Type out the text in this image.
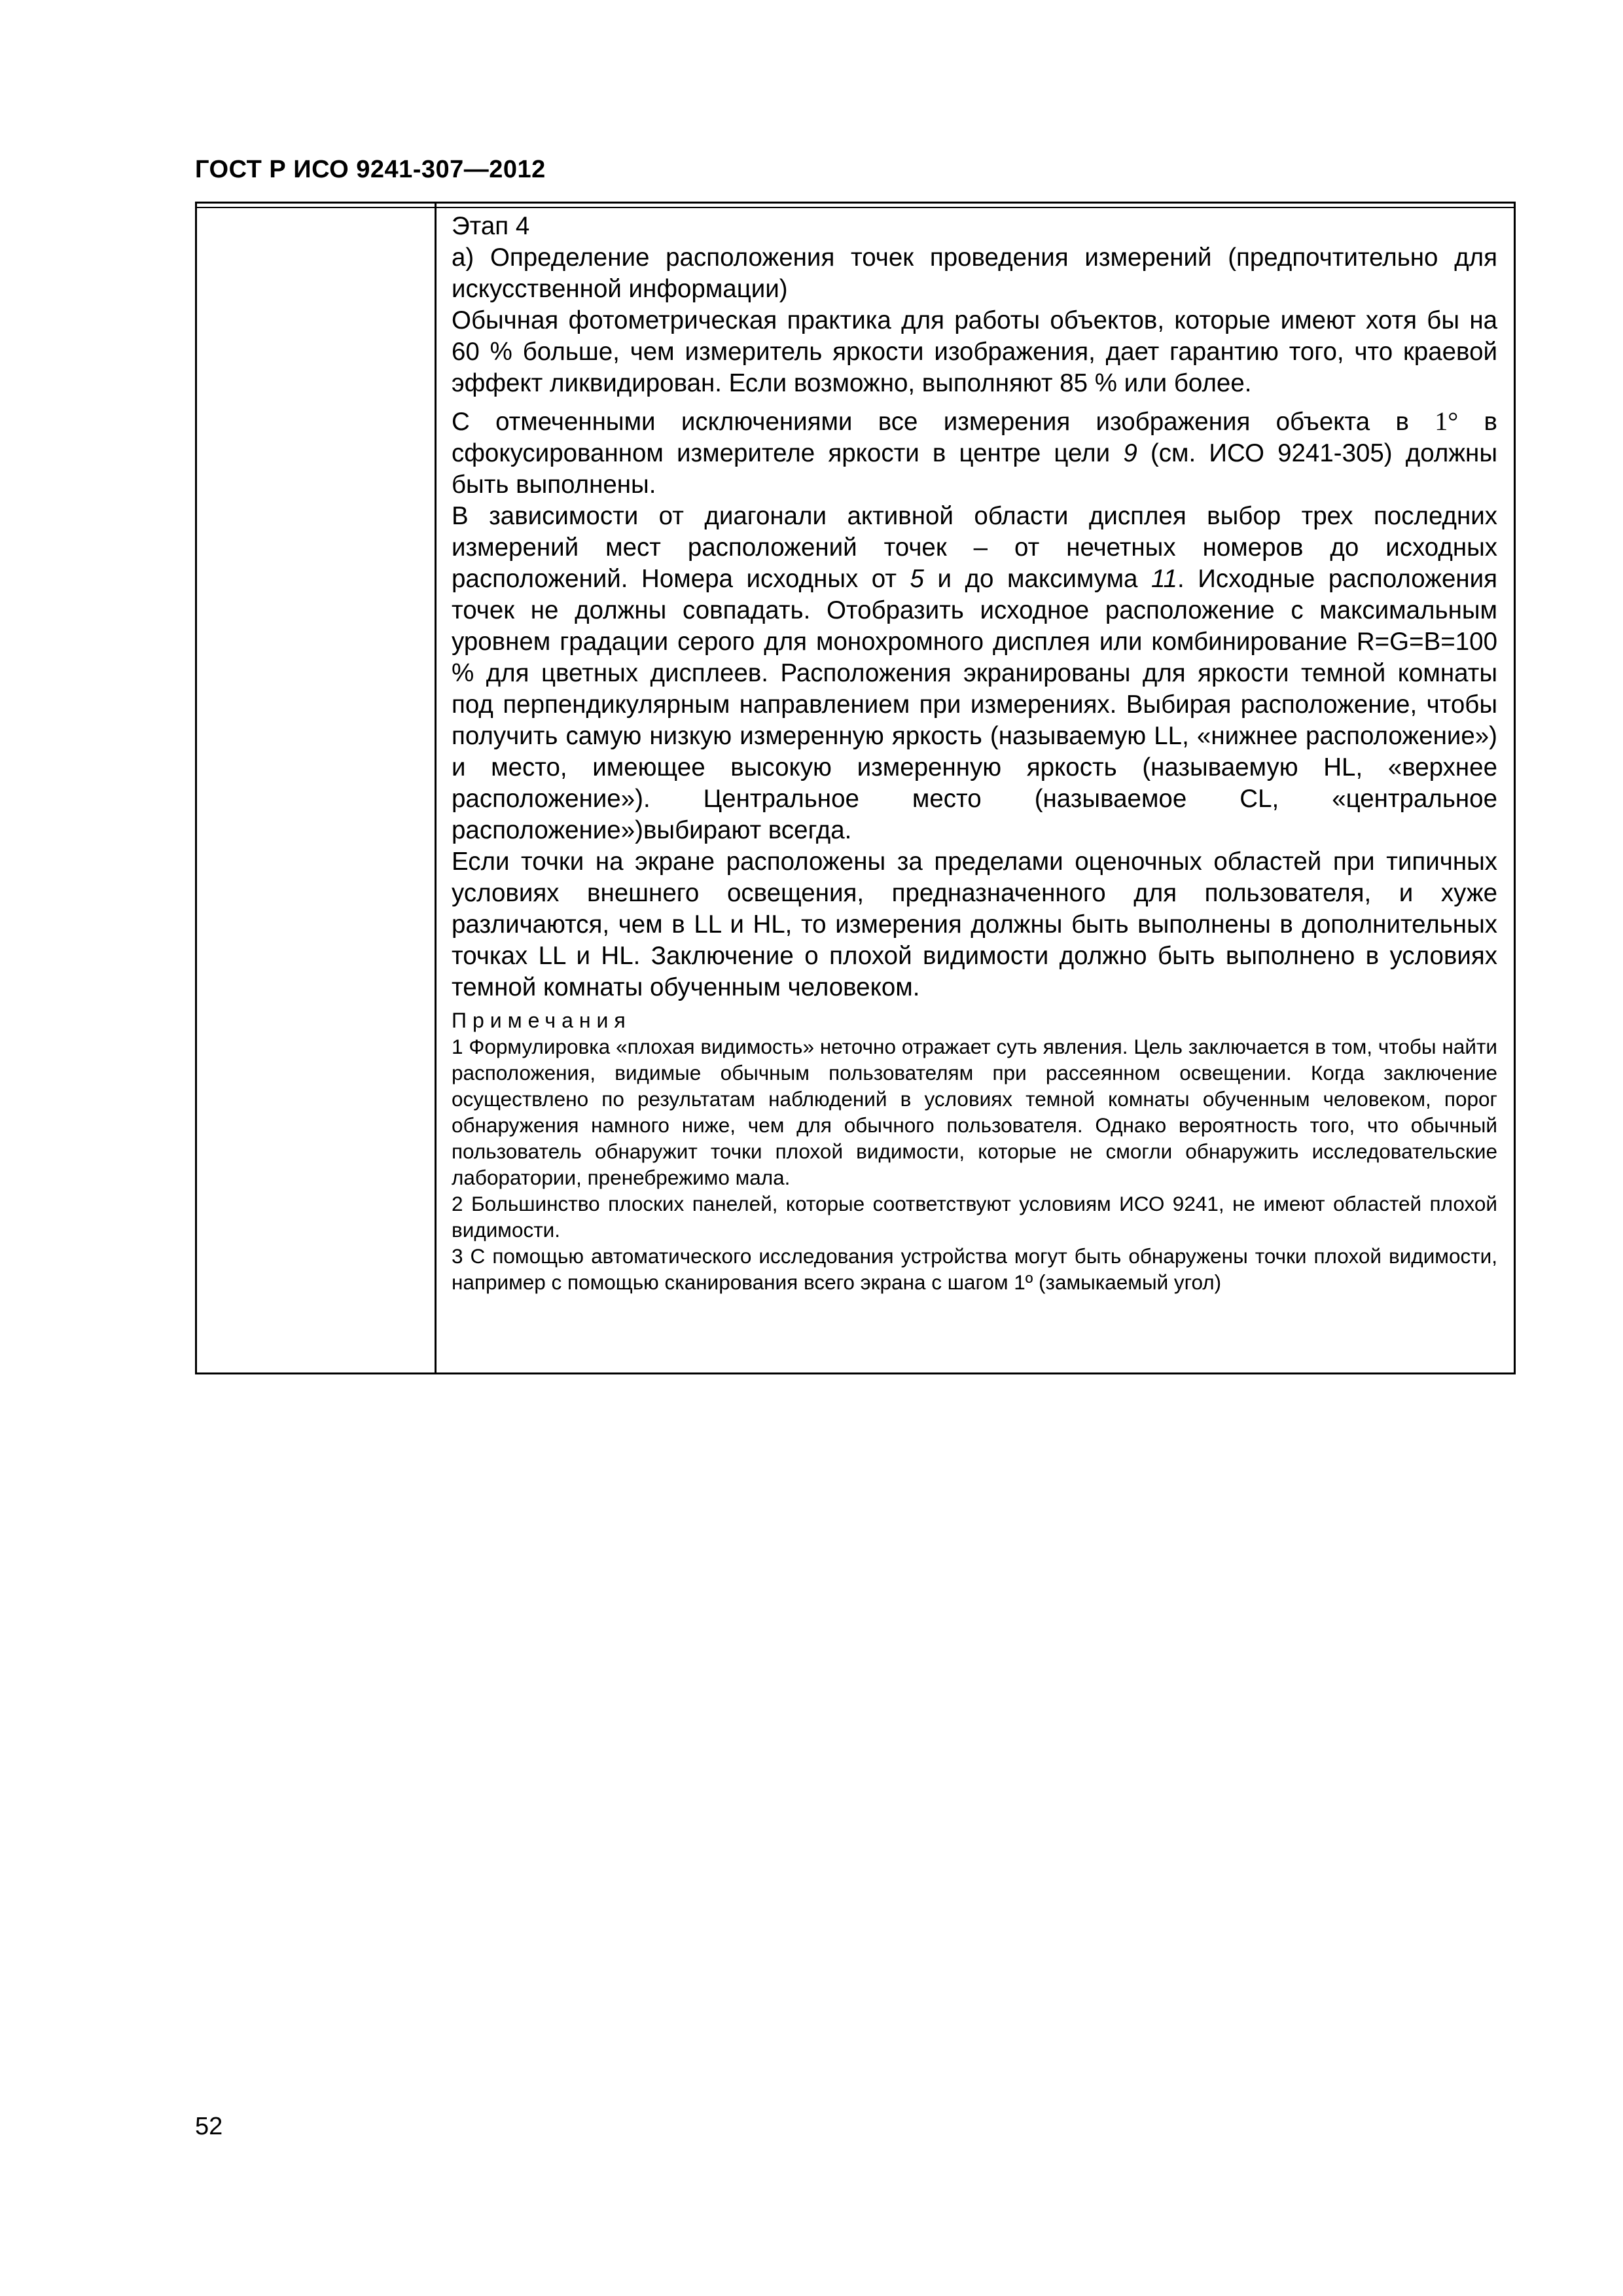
ГОСТ Р ИСО 9241-307—2012

Этап 4

а) Определение расположения точек проведения измерений (предпочтительно для искусственной информации)

Обычная фотометрическая практика для работы объектов, которые имеют хотя бы на 60 % больше, чем измеритель яркости изображения, дает гарантию того, что краевой эффект ликвидирован. Если возможно, выполняют 85 % или более.

С отмеченными исключениями все измерения изображения объекта в 1° в сфокусированном измерителе яркости в центре цели 9 (см. ИСО 9241-305) должны быть выполнены.

В зависимости от диагонали активной области дисплея выбор трех последних измерений мест расположений точек – от нечетных номеров до исходных расположений. Номера исходных от 5 и до максимума 11. Исходные расположения точек не должны совпадать. Отобразить исходное расположение с максимальным уровнем градации серого для монохромного дисплея или комбинирование R=G=B=100 % для цветных дисплеев. Расположения экранированы для яркости темной комнаты под перпендикулярным направлением при измерениях. Выбирая расположение, чтобы получить самую низкую измеренную яркость (называемую LL, «нижнее расположение») и место, имеющее высокую измеренную яркость (называемую HL, «верхнее расположение»). Центральное место (называемое CL, «центральное расположение»)выбирают всегда.

Если точки на экране расположены за пределами оценочных областей при типичных условиях внешнего освещения, предназначенного для пользователя, и хуже различаются, чем в LL и HL, то измерения должны быть выполнены в дополнительных точках LL и HL. Заключение о плохой видимости должно быть выполнено в условиях темной комнаты обученным человеком.

Примечания

1 Формулировка «плохая видимость» неточно отражает суть явления. Цель заключается в том, чтобы найти расположения, видимые обычным пользователям при рассеянном освещении. Когда заключение осуществлено по результатам наблюдений в условиях темной комнаты обученным человеком, порог обнаружения намного ниже, чем для обычного пользователя. Однако вероятность того, что обычный пользователь обнаружит точки плохой видимости, которые не смогли обнаружить исследовательские лаборатории, пренебрежимо мала.

2 Большинство плоских панелей, которые соответствуют условиям ИСО 9241, не имеют областей плохой видимости.

3 С помощью автоматического исследования устройства могут быть обнаружены точки плохой видимости, например с помощью сканирования всего экрана с шагом 1º (замыкаемый угол)

52
